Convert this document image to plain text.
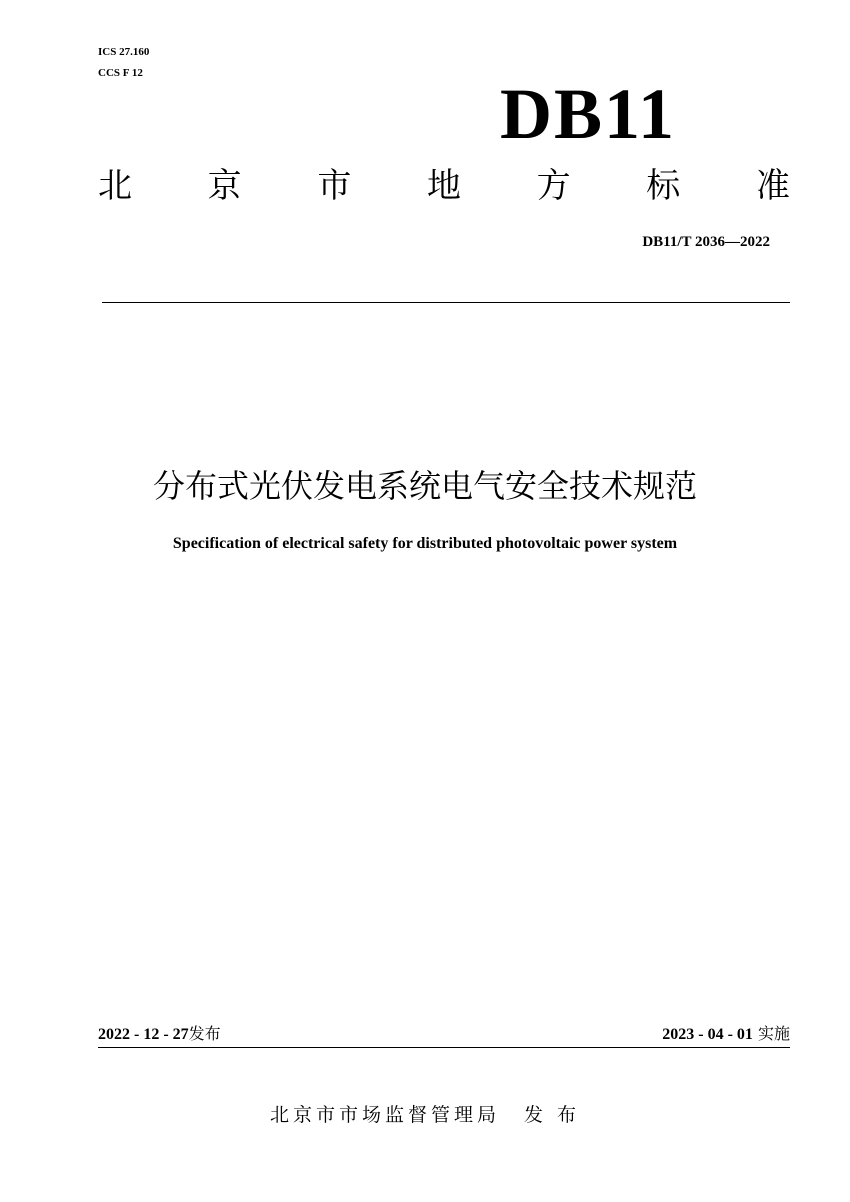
ICS 27.160
CCS F 12
DB11
北 京 市 地 方 标 准
DB11/T 2036—2022
分布式光伏发电系统电气安全技术规范
Specification of electrical safety for distributed photovoltaic power system
2022 - 12 - 27发布	2023 - 04 - 01 实施
北京市市场监督管理局 发 布
